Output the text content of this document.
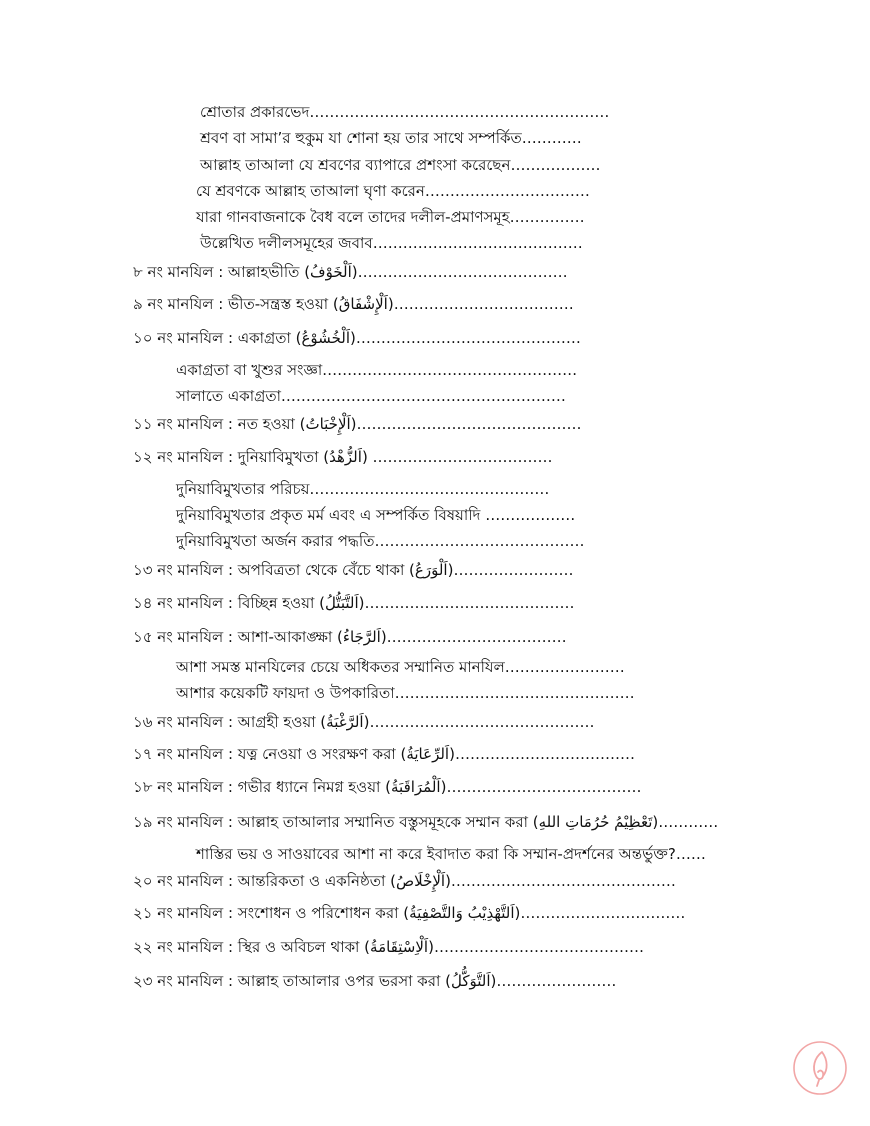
শ্রোতার প্রকারভেদ……………………………………………………
শ্রবণ বা সামা’র হুকুম যা শোনা হয় তার সাথে সম্পর্কিত…………
আল্লাহ তাআলা যে শ্রবণের ব্যাপারে প্রশংসা করেছেন………………
যে শ্রবণকে আল্লাহ তাআলা ঘৃণা করেন……………………………
যারা গানবাজনাকে বৈধ বলে তাদের দলীল-প্রমাণসমূহ……………
উল্লেখিত দলীলসমূহের জবাব……………………………………
৮ নং মানযিল : আল্লাহভীতি (اَلْخَوْفُ)……………………………………
৯ নং মানযিল : ভীত-সন্ত্রস্ত হওয়া (اَلْإِشْفَاقُ)………………………………
১০ নং মানযিল : একাগ্রতা (اَلْخُشُوْعُ)………………………………………
একাগ্রতা বা খুশুর সংজ্ঞা……………………………………………
সালাতে একাগ্রতা…………………………………………………
১১ নং মানযিল : নত হওয়া (اَلْإِخْبَاتُ)………………………………………
১২ নং মানযিল : দুনিয়াবিমুখতা (اَلزُّهْدُ) ………………………………
দুনিয়াবিমুখতার পরিচয়…………………………………………
দুনিয়াবিমুখতার প্রকৃত মর্ম এবং এ সম্পর্কিত বিষয়াদি ………………
দুনিয়াবিমুখতা অর্জন করার পদ্ধতি……………………………………
১৩ নং মানযিল : অপবিত্রতা থেকে বেঁচে থাকা (اَلْوَرَعُ)……………………
১৪ নং মানযিল : বিচ্ছিন্ন হওয়া (اَلتَّبَتُّلُ)……………………………………
১৫ নং মানযিল : আশা-আকাঙ্ক্ষা (اَلرَّجَاءُ)………………………………
আশা সমস্ত মানযিলের চেয়ে অধিকতর সম্মানিত মানযিল……………………
আশার কয়েকটি ফায়দা ও উপকারিতা…………………………………………
১৬ নং মানযিল : আগ্রহী হওয়া (اَلرَّغْبَةُ)………………………………………
১৭ নং মানযিল : যত্ন নেওয়া ও সংরক্ষণ করা (اَلرِّعَايَةُ)………………………………
১৮ নং মানযিল : গভীর ধ্যানে নিমগ্ন হওয়া (اَلْمُرَاقَبَةُ)…………………………………
১৯ নং মানযিল : আল্লাহ তাআলার সম্মানিত বস্তুসমূহকে সম্মান করা (تَعْظِيْمُ حُرُمَاتِ اللهِ)…………
শাস্তির ভয় ও সাওয়াবের আশা না করে ইবাদাত করা কি সম্মান-প্রদর্শনের অন্তর্ভুক্ত?……
২০ নং মানযিল : আন্তরিকতা ও একনিষ্ঠতা (اَلْإِخْلَاصُ)………………………………………
২১ নং মানযিল : সংশোধন ও পরিশোধন করা (اَلتَّهْذِيْبُ وَالتَّصْفِيَةُ)……………………………
২২ নং মানযিল : স্থির ও অবিচল থাকা (اَلْاِسْتِقَامَةُ)……………………………………
২৩ নং মানযিল : আল্লাহ তাআলার ওপর ভরসা করা (اَلتَّوَكُّلُ)……………………
